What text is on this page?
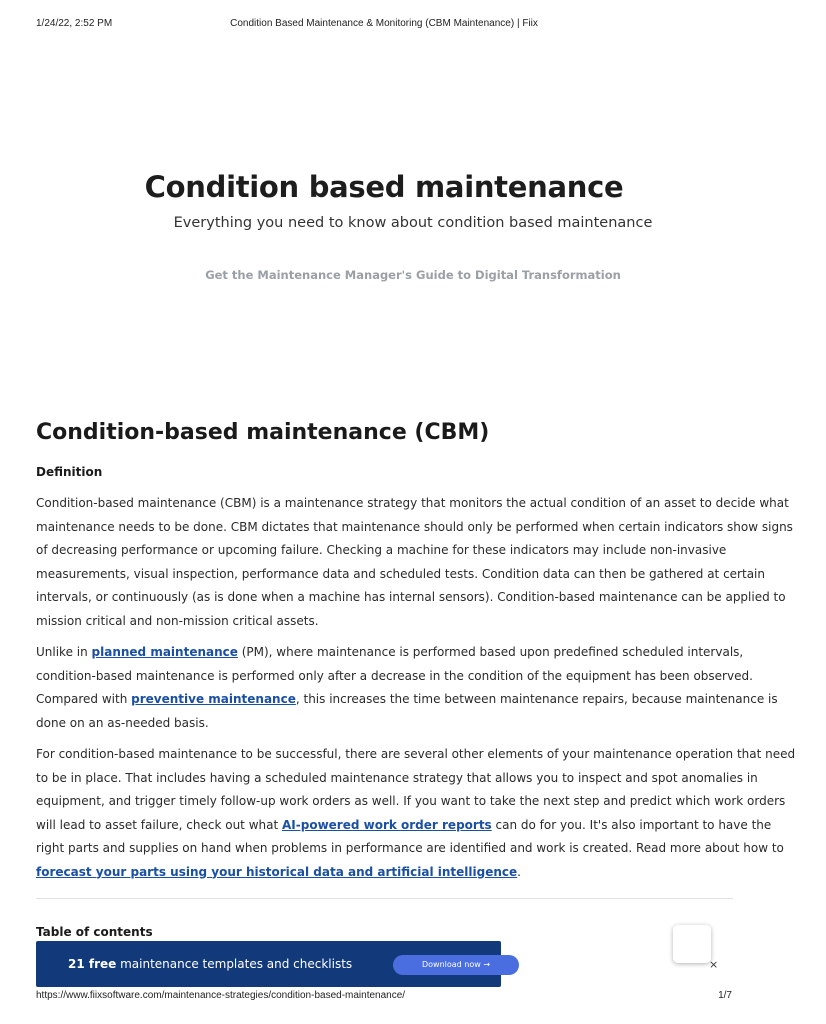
1/24/22, 2:52 PM	Condition Based Maintenance & Monitoring (CBM Maintenance) | Fiix
Condition based maintenance
Everything you need to know about condition based maintenance
Get the Maintenance Manager's Guide to Digital Transformation
Condition-based maintenance (CBM)
Definition

Condition-based maintenance (CBM) is a maintenance strategy that monitors the actual condition of an asset to decide what maintenance needs to be done. CBM dictates that maintenance should only be performed when certain indicators show signs of decreasing performance or upcoming failure. Checking a machine for these indicators may include non-invasive measurements, visual inspection, performance data and scheduled tests. Condition data can then be gathered at certain intervals, or continuously (as is done when a machine has internal sensors). Condition-based maintenance can be applied to mission critical and non-mission critical assets.

Unlike in planned maintenance (PM), where maintenance is performed based upon predefined scheduled intervals, condition-based maintenance is performed only after a decrease in the condition of the equipment has been observed. Compared with preventive maintenance, this increases the time between maintenance repairs, because maintenance is done on an as-needed basis.

For condition-based maintenance to be successful, there are several other elements of your maintenance operation that need to be in place. That includes having a scheduled maintenance strategy that allows you to inspect and spot anomalies in equipment, and trigger timely follow-up work orders as well. If you want to take the next step and predict which work orders will lead to asset failure, check out what AI-powered work order reports can do for you. It's also important to have the right parts and supplies on hand when problems in performance are identified and work is created. Read more about how to forecast your parts using your historical data and artificial intelligence.

Table of contents
21 free maintenance templates and checklists	Download now →	×
https://www.fiixsoftware.com/maintenance-strategies/condition-based-maintenance/	1/7
